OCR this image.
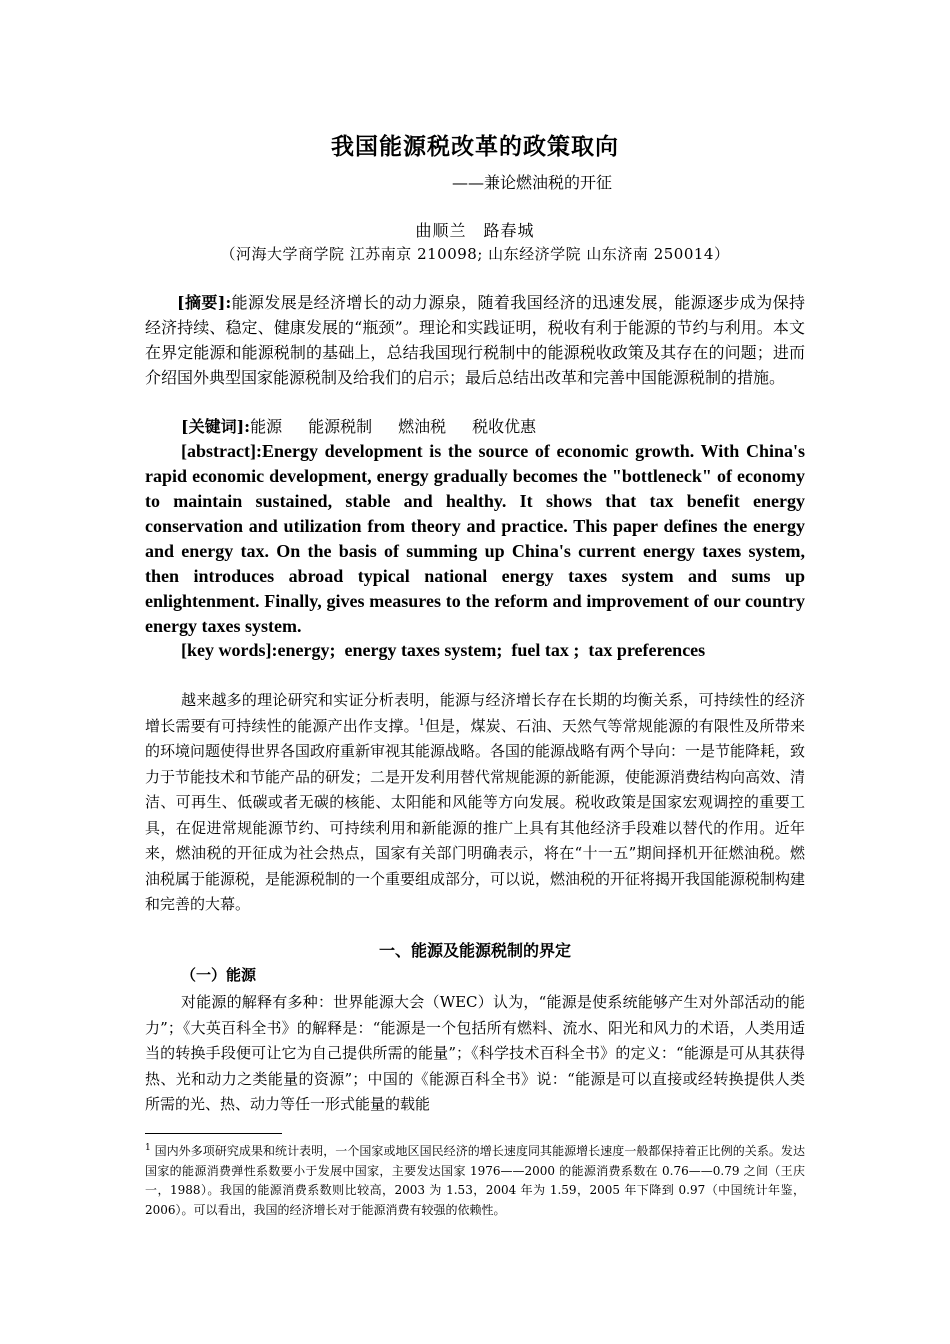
我国能源税改革的政策取向
——兼论燃油税的开征
曲顺兰　路春城
（河海大学商学院 江苏南京 210098; 山东经济学院 山东济南 250014）
[摘要]:能源发展是经济增长的动力源泉，随着我国经济的迅速发展，能源逐步成为保持经济持续、稳定、健康发展的“瓶颈”。理论和实践证明，税收有利于能源的节约与利用。本文在界定能源和能源税制的基础上，总结我国现行税制中的能源税收政策及其存在的问题；进而介绍国外典型国家能源税制及给我们的启示；最后总结出改革和完善中国能源税制的措施。
[关键词]:能源 能源税制 燃油税 税收优惠
[abstract]:Energy development is the source of economic growth. With China's rapid economic development, energy gradually becomes the "bottleneck" of economy to maintain sustained, stable and healthy. It shows that tax benefit energy conservation and utilization from theory and practice. This paper defines the energy and energy tax. On the basis of summing up China's current energy taxes system, then introduces abroad typical national energy taxes system and sums up enlightenment. Finally, gives measures to the reform and improvement of our country energy taxes system.
[key words]:energy;  energy taxes system;  fuel tax ;  tax preferences
越来越多的理论研究和实证分析表明，能源与经济增长存在长期的均衡关系，可持续性的经济增长需要有可持续性的能源产出作支撑。$^1$但是，煤炭、石油、天然气等常规能源的有限性及所带来的环境问题使得世界各国政府重新审视其能源战略。各国的能源战略有两个导向：一是节能降耗，致力于节能技术和节能产品的研发；二是开发利用替代常规能源的新能源，使能源消费结构向高效、清洁、可再生、低碳或者无碳的核能、太阳能和风能等方向发展。税收政策是国家宏观调控的重要工具，在促进常规能源节约、可持续利用和新能源的推广上具有其他经济手段难以替代的作用。近年来，燃油税的开征成为社会热点，国家有关部门明确表示，将在“十一五”期间择机开征燃油税。燃油税属于能源税，是能源税制的一个重要组成部分，可以说，燃油税的开征将揭开我国能源税制构建和完善的大幕。
一、能源及能源税制的界定
（一）能源
对能源的解释有多种：世界能源大会（WEC）认为，“能源是使系统能够产生对外部活动的能力”；《大英百科全书》的解释是：“能源是一个包括所有燃料、流水、阳光和风力的术语，人类用适当的转换手段便可让它为自己提供所需的能量”；《科学技术百科全书》的定义：“能源是可从其获得热、光和动力之类能量的资源”；中国的《能源百科全书》说：“能源是可以直接或经转换提供人类所需的光、热、动力等任一形式能量的载能
$^1$ 国内外多项研究成果和统计表明，一个国家或地区国民经济的增长速度同其能源增长速度一般都保持着正比例的关系。发达国家的能源消费弹性系数要小于发展中国家，主要发达国家 1976——2000 的能源消费系数在 0.76——0.79 之间（王庆一，1988）。我国的能源消费系数则比较高，2003 为 1.53，2004 年为 1.59，2005 年下降到 0.97（中国统计年鉴，2006）。可以看出，我国的经济增长对于能源消费有较强的依赖性。
